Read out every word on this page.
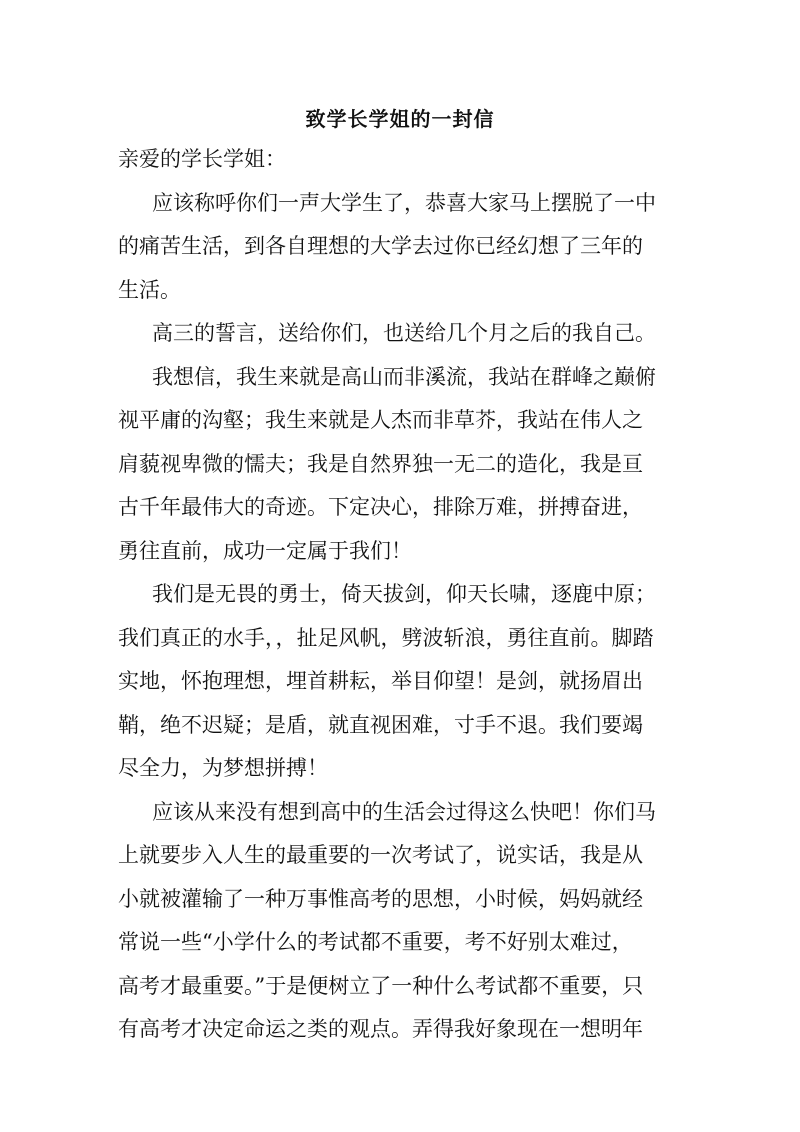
致学长学姐的一封信
亲爱的学长学姐：
应该称呼你们一声大学生了，恭喜大家马上摆脱了一中
的痛苦生活，到各自理想的大学去过你已经幻想了三年的
生活。
高三的誓言，送给你们，也送给几个月之后的我自己。
我想信，我生来就是高山而非溪流，我站在群峰之巅俯
视平庸的沟壑；我生来就是人杰而非草芥，我站在伟人之
肩藐视卑微的懦夫；我是自然界独一无二的造化，我是亘
古千年最伟大的奇迹。下定决心，排除万难，拼搏奋进，
勇往直前，成功一定属于我们！
我们是无畏的勇士，倚天拔剑，仰天长啸，逐鹿中原；
我们真正的水手，，扯足风帆，劈波斩浪，勇往直前。脚踏
实地，怀抱理想，埋首耕耘，举目仰望！是剑，就扬眉出
鞘，绝不迟疑；是盾，就直视困难，寸手不退。我们要竭
尽全力，为梦想拼搏！
应该从来没有想到高中的生活会过得这么快吧！你们马
上就要步入人生的最重要的一次考试了，说实话，我是从
小就被灌输了一种万事惟高考的思想，小时候，妈妈就经
常说一些“小学什么的考试都不重要，考不好别太难过，
高考才最重要。”于是便树立了一种什么考试都不重要，只
有高考才决定命运之类的观点。弄得我好象现在一想明年
